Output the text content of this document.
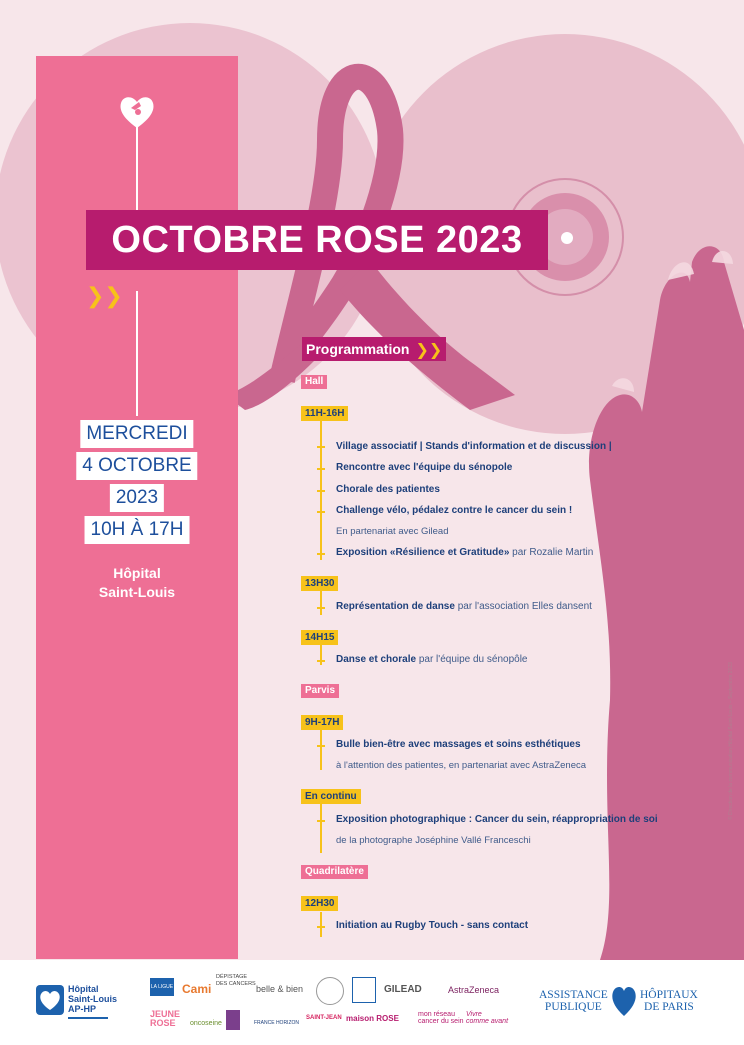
MERCREDI
4 OCTOBRE
2023
10H À 17H
Hôpital
Saint-Louis
OCTOBRE ROSE 2023
❯❯
Programmation ❯❯
Hall
11H-16H
Village associatif | Stands d'information et de discussion |
Rencontre avec l'équipe du sénopole
Chorale des patientes
Challenge vélo, pédalez contre le cancer du sein !
En partenariat avec Gilead
Exposition «Résilience et Gratitude» par Rozalie Martin
13H30
Représentation de danse par l'association Elles dansent
14H15
Danse et chorale par l'équipe du sénopôle
Parvis
9H-17H
Bulle bien-être avec massages et soins esthétiques
à l'attention des patientes, en partenariat avec AstraZeneca
En continu
Exposition photographique : Cancer du sein, réappropriation de soi
de la photographe Joséphine Vallé Franceschi
Quadrilatère
12H30
Initiation au Rugby Touch - sans contact
© Direction de la communication Hôpital Saint-Louis – Septembre 2023
Hôpital
Saint-Louis
AP-HP
LA LIGUE Cami
DÉPISTAGE
DES CANCERS belle & bien	GILEAD	AstraZeneca
JEUNE
ROSE	oncoseine	FRANCE HORIZON
SAINT-JEAN maison ROSE	mon réseau
cancer du sein
Vivre
comme avant
ASSISTANCE
PUBLIQUE
HÔPITAUX
DE PARIS
